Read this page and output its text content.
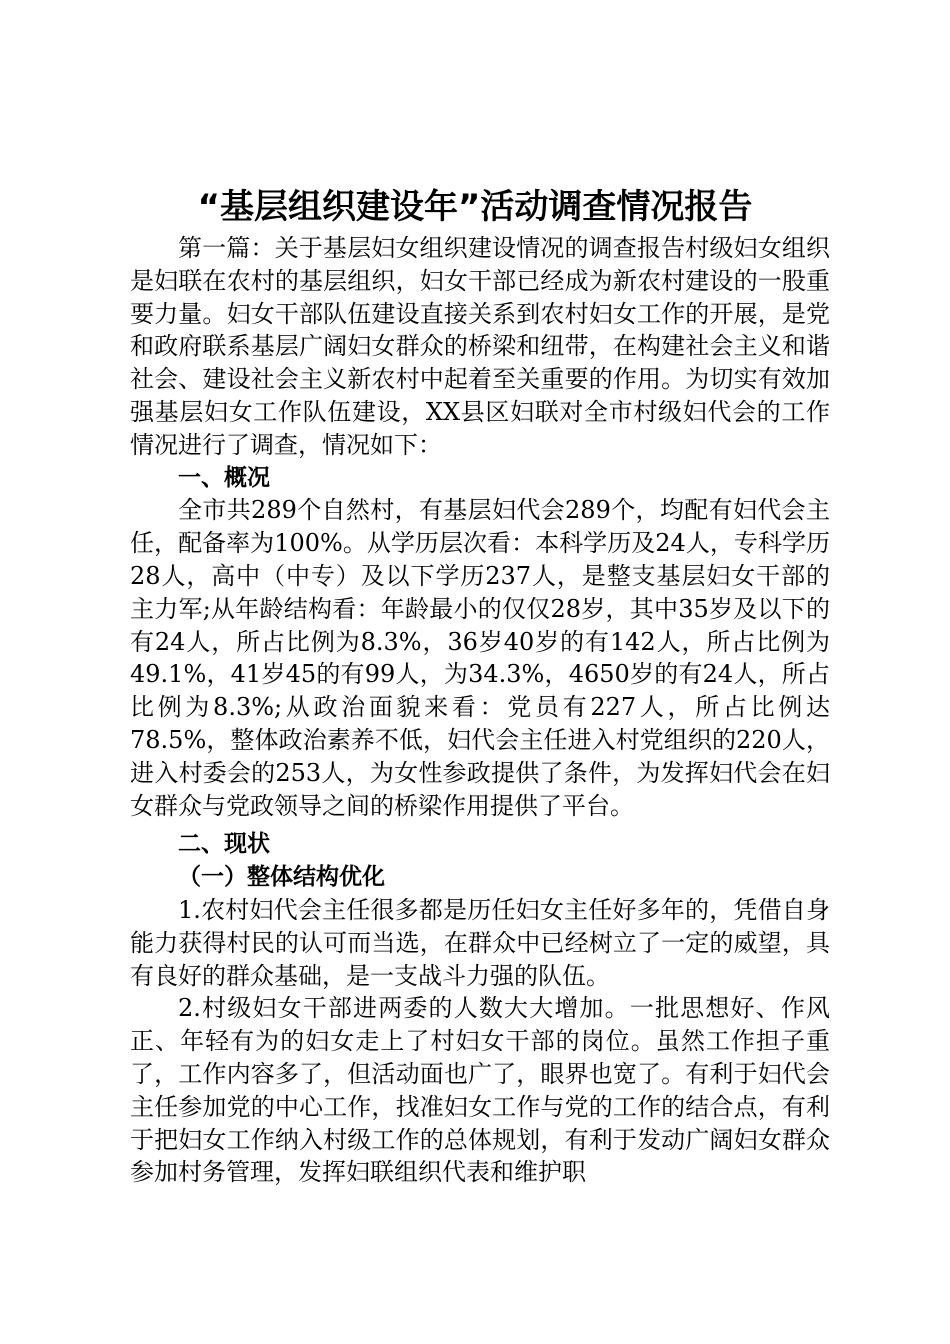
“基层组织建设年”活动调查情况报告

第一篇：关于基层妇女组织建设情况的调查报告村级妇女组织是妇联在农村的基层组织，妇女干部已经成为新农村建设的一股重要力量。妇女干部队伍建设直接关系到农村妇女工作的开展，是党和政府联系基层广阔妇女群众的桥梁和纽带，在构建社会主义和谐社会、建设社会主义新农村中起着至关重要的作用。为切实有效加强基层妇女工作队伍建设，XX县区妇联对全市村级妇代会的工作情况进行了调查，情况如下：

一、概况

全市共289个自然村，有基层妇代会289个，均配有妇代会主任，配备率为100%。从学历层次看：本科学历及24人，专科学历28人，高中（中专）及以下学历237人，是整支基层妇女干部的主力军;从年龄结构看：年龄最小的仅仅28岁，其中35岁及以下的有24人，所占比例为8.3%，36岁40岁的有142人，所占比例为49.1%，41岁45的有99人，为34.3%，4650岁的有24人，所占比例为8.3%;从政治面貌来看：党员有227人，所占比例达78.5%，整体政治素养不低，妇代会主任进入村党组织的220人，进入村委会的253人，为女性参政提供了条件，为发挥妇代会在妇女群众与党政领导之间的桥梁作用提供了平台。

二、现状

（一）整体结构优化

1.农村妇代会主任很多都是历任妇女主任好多年的，凭借自身能力获得村民的认可而当选，在群众中已经树立了一定的威望，具有良好的群众基础，是一支战斗力强的队伍。

2.村级妇女干部进两委的人数大大增加。一批思想好、作风正、年轻有为的妇女走上了村妇女干部的岗位。虽然工作担子重了，工作内容多了，但活动面也广了，眼界也宽了。有利于妇代会主任参加党的中心工作，找准妇女工作与党的工作的结合点，有利于把妇女工作纳入村级工作的总体规划，有利于发动广阔妇女群众参加村务管理，发挥妇联组织代表和维护职
